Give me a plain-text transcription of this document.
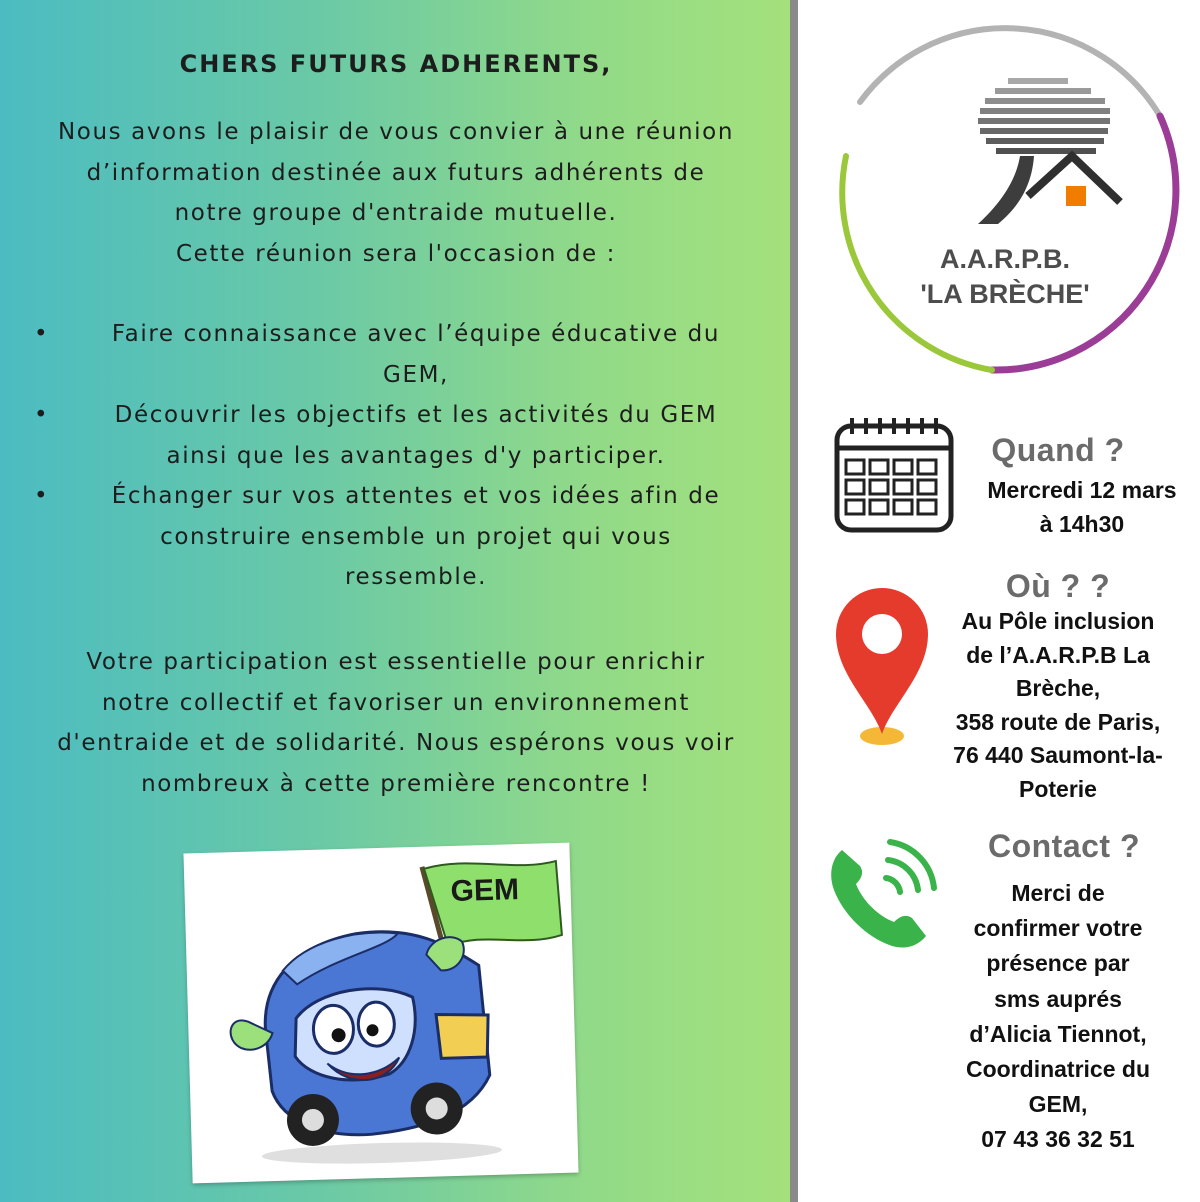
CHERS FUTURS ADHERENTS,
Nous avons le plaisir de vous convier à une réunion
d’information destinée aux futurs adhérents de
notre groupe d'entraide mutuelle.
Cette réunion sera l'occasion de :
•	Faire connaissance avec l’équipe éducative du
GEM,
•	Découvrir les objectifs et les activités du GEM
ainsi que les avantages d'y participer.
•	Échanger sur vos attentes et vos idées afin de
construire ensemble un projet qui vous
ressemble.
Votre participation est essentielle pour enrichir
notre collectif et favoriser un environnement
d'entraide et de solidarité. Nous espérons vous voir
nombreux à cette première rencontre !
GEM
A.A.R.P.B.
'LA BRÈCHE'
Quand ?
Mercredi 12 mars
à 14h30
Où ? ?
Au Pôle inclusion
de l’A.A.R.P.B La
Brèche,
358 route de Paris,
76 440 Saumont-la-
Poterie
Contact ?
Merci de
confirmer votre
présence par
sms auprés
d’Alicia Tiennot,
Coordinatrice du
GEM,
07 43 36 32 51
